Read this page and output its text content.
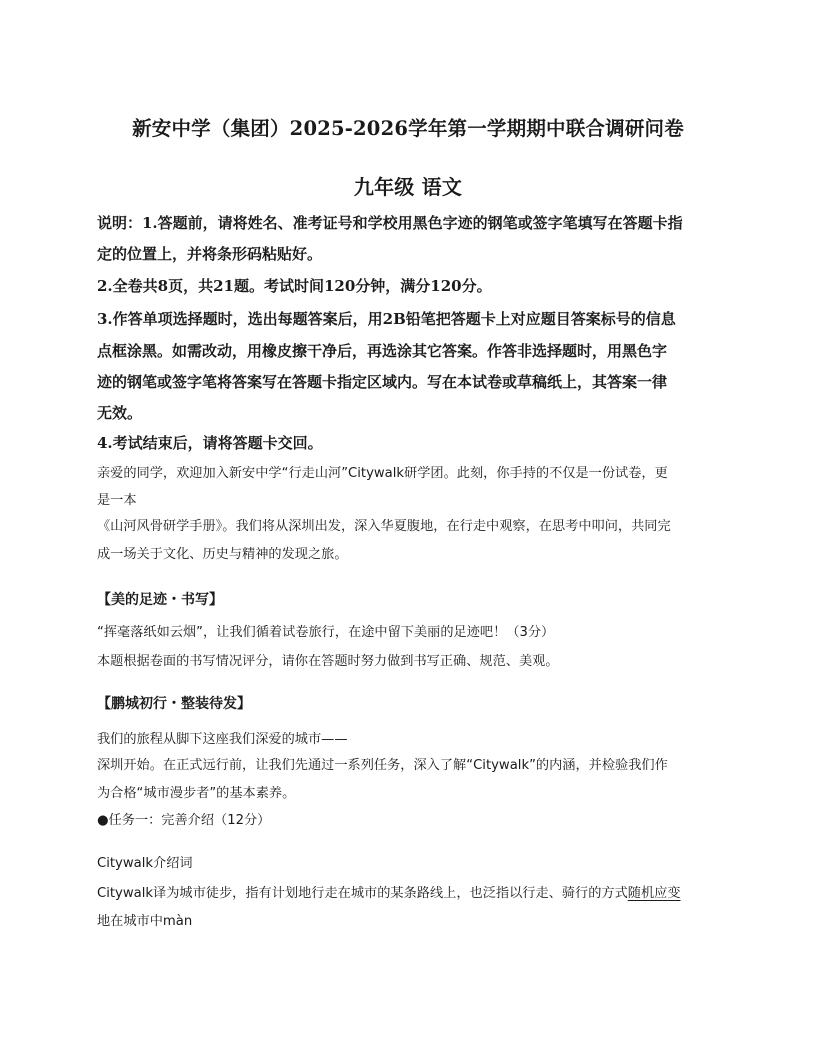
新安中学（集团）2025-2026学年第一学期期中联合调研问卷
九年级 语文
说明：1.答题前，请将姓名、准考证号和学校用黑色字迹的钢笔或签字笔填写在答题卡指
定的位置上，并将条形码粘贴好。
2.全卷共8页，共21题。考试时间120分钟，满分120分。
3.作答单项选择题时，选出每题答案后，用2B铅笔把答题卡上对应题目答案标号的信息
点框涂黑。如需改动，用橡皮擦干净后，再选涂其它答案。作答非选择题时，用黑色字
迹的钢笔或签字笔将答案写在答题卡指定区域内。写在本试卷或草稿纸上，其答案一律
无效。
4.考试结束后，请将答题卡交回。
亲爱的同学，欢迎加入新安中学“行走山河”Citywalk研学团。此刻，你手持的不仅是一份试卷，更
是一本
《山河风骨研学手册》。我们将从深圳出发，深入华夏腹地，在行走中观察，在思考中叩问，共同完
成一场关于文化、历史与精神的发现之旅。
【美的足迹・书写】
“挥毫落纸如云烟”，让我们循着试卷旅行，在途中留下美丽的足迹吧！（3分）
本题根据卷面的书写情况评分，请你在答题时努力做到书写正确、规范、美观。
【鹏城初行・整装待发】
我们的旅程从脚下这座我们深爱的城市——
深圳开始。在正式远行前，让我们先通过一系列任务，深入了解“Citywalk”的内涵，并检验我们作
为合格“城市漫步者”的基本素养。
●任务一：完善介绍（12分）
Citywalk介绍词
Citywalk译为城市徒步，指有计划地行走在城市的某条路线上，也泛指以行走、骑行的方式随机应变
地在城市中màn
